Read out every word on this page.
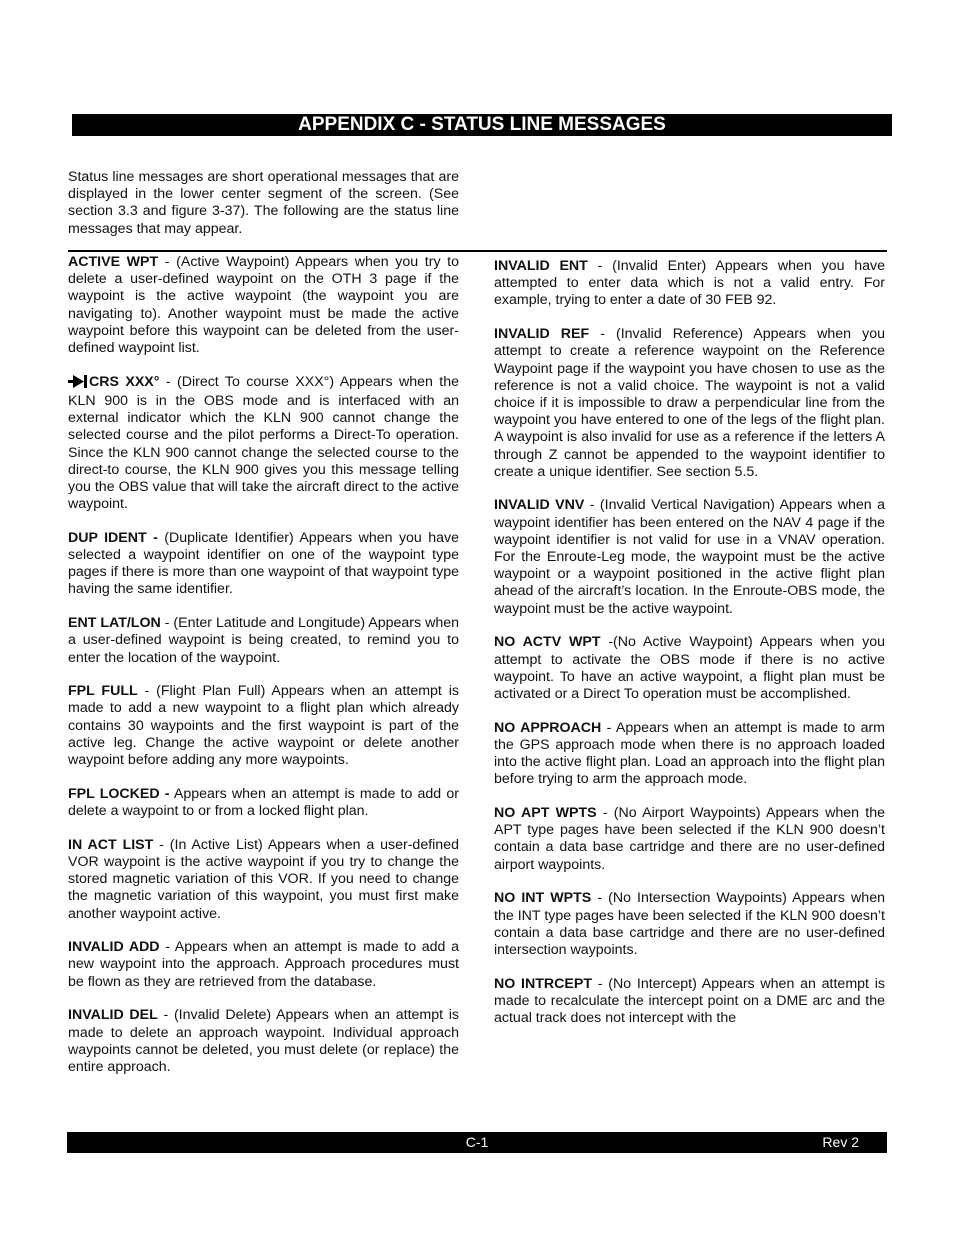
APPENDIX C - STATUS LINE MESSAGES
Status line messages are short operational messages that are displayed in the lower center segment of the screen. (See section 3.3 and figure 3-37). The following are the status line messages that may appear.

ACTIVE WPT - (Active Waypoint) Appears when you try to delete a user-defined waypoint on the OTH 3 page if the waypoint is the active waypoint (the waypoint you are navigating to). Another waypoint must be made the active waypoint before this waypoint can be deleted from the user-defined waypoint list.

CRS XXX° - (Direct To course XXX°) Appears when the KLN 900 is in the OBS mode and is interfaced with an external indicator which the KLN 900 cannot change the selected course and the pilot performs a Direct-To operation. Since the KLN 900 cannot change the selected course to the direct-to course, the KLN 900 gives you this message telling you the OBS value that will take the aircraft direct to the active waypoint.

DUP IDENT - (Duplicate Identifier) Appears when you have selected a waypoint identifier on one of the waypoint type pages if there is more than one waypoint of that waypoint type having the same identifier.

ENT LAT/LON - (Enter Latitude and Longitude) Appears when a user-defined waypoint is being created, to remind you to enter the location of the waypoint.

FPL FULL - (Flight Plan Full) Appears when an attempt is made to add a new waypoint to a flight plan which already contains 30 waypoints and the first waypoint is part of the active leg. Change the active waypoint or delete another waypoint before adding any more waypoints.

FPL LOCKED - Appears when an attempt is made to add or delete a waypoint to or from a locked flight plan.

IN ACT LIST - (In Active List) Appears when a user-defined VOR waypoint is the active waypoint if you try to change the stored magnetic variation of this VOR. If you need to change the magnetic variation of this waypoint, you must first make another waypoint active.

INVALID ADD - Appears when an attempt is made to add a new waypoint into the approach. Approach procedures must be flown as they are retrieved from the database.

INVALID DEL - (Invalid Delete) Appears when an attempt is made to delete an approach waypoint. Individual approach waypoints cannot be deleted, you must delete (or replace) the entire approach.

INVALID ENT - (Invalid Enter) Appears when you have attempted to enter data which is not a valid entry. For example, trying to enter a date of 30 FEB 92.

INVALID REF - (Invalid Reference) Appears when you attempt to create a reference waypoint on the Reference Waypoint page if the waypoint you have chosen to use as the reference is not a valid choice. The waypoint is not a valid choice if it is impossible to draw a perpendicular line from the waypoint you have entered to one of the legs of the flight plan. A waypoint is also invalid for use as a reference if the letters A through Z cannot be appended to the waypoint identifier to create a unique identifier. See section 5.5.

INVALID VNV - (Invalid Vertical Navigation) Appears when a waypoint identifier has been entered on the NAV 4 page if the waypoint identifier is not valid for use in a VNAV operation. For the Enroute-Leg mode, the waypoint must be the active waypoint or a waypoint positioned in the active flight plan ahead of the aircraft’s location. In the Enroute-OBS mode, the waypoint must be the active waypoint.

NO ACTV WPT -(No Active Waypoint) Appears when you attempt to activate the OBS mode if there is no active waypoint. To have an active waypoint, a flight plan must be activated or a Direct To operation must be accomplished.

NO APPROACH - Appears when an attempt is made to arm the GPS approach mode when there is no approach loaded into the active flight plan. Load an approach into the flight plan before trying to arm the approach mode.

NO APT WPTS - (No Airport Waypoints) Appears when the APT type pages have been selected if the KLN 900 doesn’t contain a data base cartridge and there are no user-defined airport waypoints.

NO INT WPTS - (No Intersection Waypoints) Appears when the INT type pages have been selected if the KLN 900 doesn’t contain a data base cartridge and there are no user-defined intersection waypoints.

NO INTRCEPT - (No Intercept) Appears when an attempt is made to recalculate the intercept point on a DME arc and the actual track does not intercept with the

C-1	Rev 2
